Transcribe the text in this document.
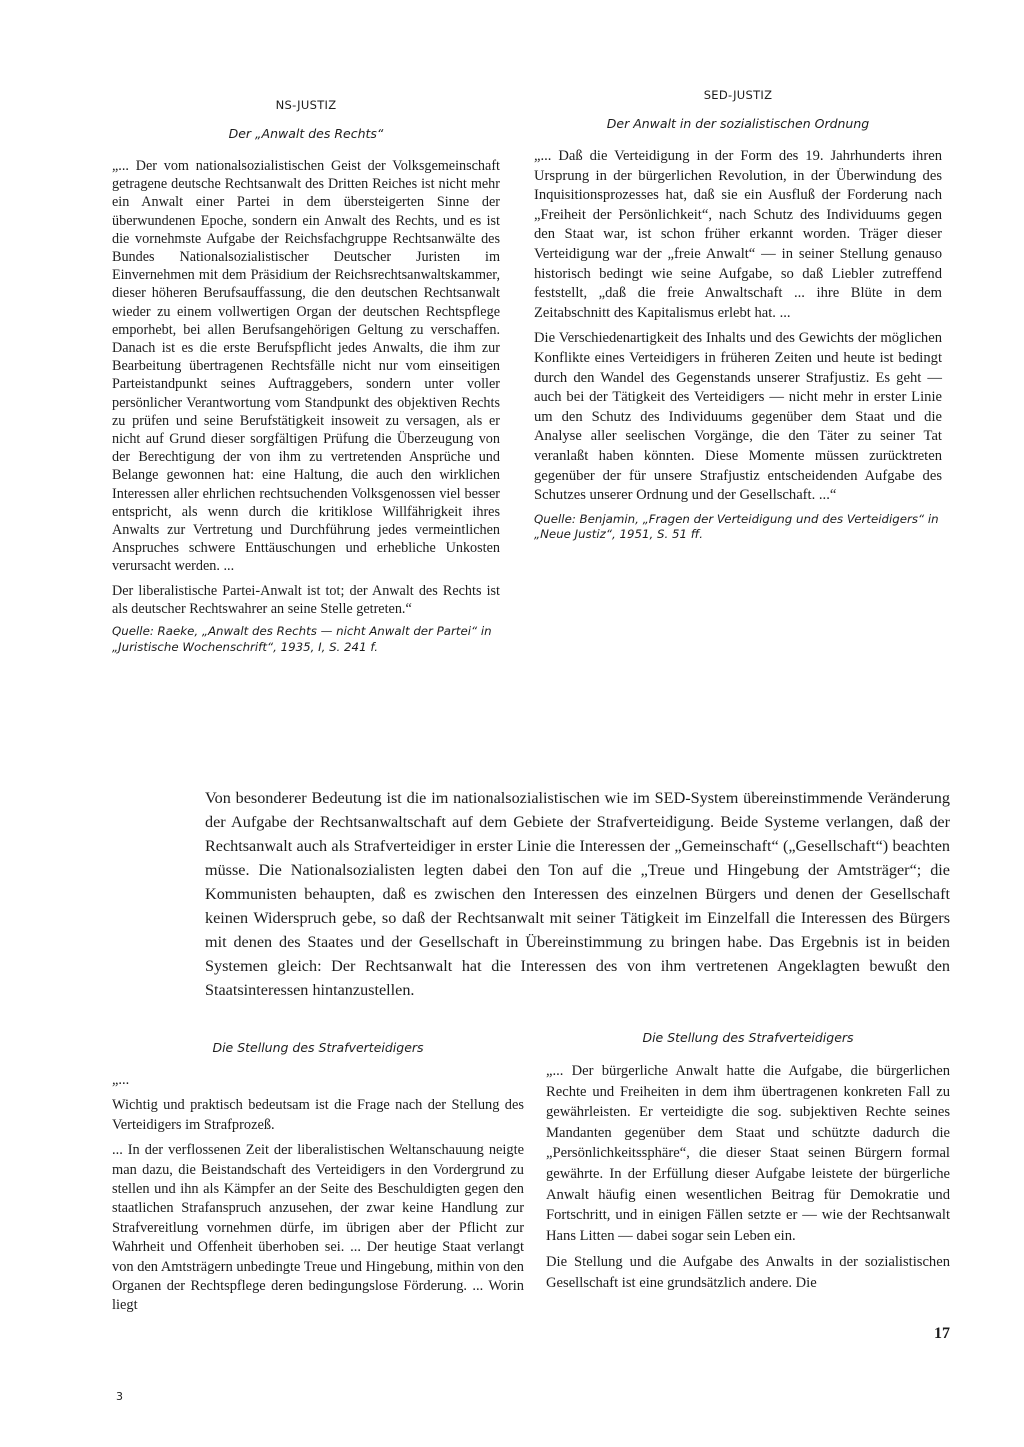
NS-JUSTIZ
Der „Anwalt des Rechts“

„... Der vom nationalsozialistischen Geist der Volksgemeinschaft getragene deutsche Rechtsanwalt des Dritten Reiches ist nicht mehr ein Anwalt einer Partei in dem übersteigerten Sinne der überwundenen Epoche, sondern ein Anwalt des Rechts, und es ist die vornehmste Aufgabe der Reichsfachgruppe Rechtsanwälte des Bundes Nationalsozialistischer Deutscher Juristen im Einvernehmen mit dem Präsidium der Reichsrechtsanwaltskammer, dieser höheren Berufsauffassung, die den deutschen Rechtsanwalt wieder zu einem vollwertigen Organ der deutschen Rechtspflege emporhebt, bei allen Berufsangehörigen Geltung zu verschaffen. Danach ist es die erste Berufspflicht jedes Anwalts, die ihm zur Bearbeitung übertragenen Rechtsfälle nicht nur vom einseitigen Parteistandpunkt seines Auftraggebers, sondern unter voller persönlicher Verantwortung vom Standpunkt des objektiven Rechts zu prüfen und seine Berufstätigkeit insoweit zu versagen, als er nicht auf Grund dieser sorgfältigen Prüfung die Überzeugung von der Berechtigung der von ihm zu vertretenden Ansprüche und Belange gewonnen hat: eine Haltung, die auch den wirklichen Interessen aller ehrlichen rechtsuchenden Volksgenossen viel besser entspricht, als wenn durch die kritiklose Willfährigkeit ihres Anwalts zur Vertretung und Durchführung jedes vermeintlichen Anspruches schwere Enttäuschungen und erhebliche Unkosten verursacht werden. ...

Der liberalistische Partei-Anwalt ist tot; der Anwalt des Rechts ist als deutscher Rechtswahrer an seine Stelle getreten.“

Quelle: Raeke, „Anwalt des Rechts — nicht Anwalt der Partei“ in „Juristische Wochenschrift“, 1935, I, S. 241 f.

SED-JUSTIZ
Der Anwalt in der sozialistischen Ordnung

„... Daß die Verteidigung in der Form des 19. Jahrhunderts ihren Ursprung in der bürgerlichen Revolution, in der Überwindung des Inquisitionsprozesses hat, daß sie ein Ausfluß der Forderung nach „Freiheit der Persönlichkeit“, nach Schutz des Individuums gegen den Staat war, ist schon früher erkannt worden. Träger dieser Verteidigung war der „freie Anwalt“ — in seiner Stellung genauso historisch bedingt wie seine Aufgabe, so daß Liebler zutreffend feststellt, „daß die freie Anwaltschaft ... ihre Blüte in dem Zeitabschnitt des Kapitalismus erlebt hat. ...

Die Verschiedenartigkeit des Inhalts und des Gewichts der möglichen Konflikte eines Verteidigers in früheren Zeiten und heute ist bedingt durch den Wandel des Gegenstands unserer Strafjustiz. Es geht — auch bei der Tätigkeit des Verteidigers — nicht mehr in erster Linie um den Schutz des Individuums gegenüber dem Staat und die Analyse aller seelischen Vorgänge, die den Täter zu seiner Tat veranlaßt haben könnten. Diese Momente müssen zurücktreten gegenüber der für unsere Strafjustiz entscheidenden Aufgabe des Schutzes unserer Ordnung und der Gesellschaft. ...“

Quelle: Benjamin, „Fragen der Verteidigung und des Verteidigers“ in „Neue Justiz“, 1951, S. 51 ff.

Von besonderer Bedeutung ist die im nationalsozialistischen wie im SED-System übereinstimmende Veränderung der Aufgabe der Rechtsanwaltschaft auf dem Gebiete der Strafverteidigung. Beide Systeme verlangen, daß der Rechtsanwalt auch als Strafverteidiger in erster Linie die Interessen der „Gemeinschaft“ („Gesellschaft“) beachten müsse. Die Nationalsozialisten legten dabei den Ton auf die „Treue und Hingebung der Amtsträger“; die Kommunisten behaupten, daß es zwischen den Interessen des einzelnen Bürgers und denen der Gesellschaft keinen Widerspruch gebe, so daß der Rechtsanwalt mit seiner Tätigkeit im Einzelfall die Interessen des Bürgers mit denen des Staates und der Gesellschaft in Übereinstimmung zu bringen habe. Das Ergebnis ist in beiden Systemen gleich: Der Rechtsanwalt hat die Interessen des von ihm vertretenen Angeklagten bewußt den Staatsinteressen hintanzustellen.

Die Stellung des Strafverteidigers

„...

Wichtig und praktisch bedeutsam ist die Frage nach der Stellung des Verteidigers im Strafprozeß.

... In der verflossenen Zeit der liberalistischen Weltanschauung neigte man dazu, die Beistandschaft des Verteidigers in den Vordergrund zu stellen und ihn als Kämpfer an der Seite des Beschuldigten gegen den staatlichen Strafanspruch anzusehen, der zwar keine Handlung zur Strafvereitlung vornehmen dürfe, im übrigen aber der Pflicht zur Wahrheit und Offenheit überhoben sei. ... Der heutige Staat verlangt von den Amtsträgern unbedingte Treue und Hingebung, mithin von den Organen der Rechtspflege deren bedingungslose Förderung. ... Worin liegt

Die Stellung des Strafverteidigers

„... Der bürgerliche Anwalt hatte die Aufgabe, die bürgerlichen Rechte und Freiheiten in dem ihm übertragenen konkreten Fall zu gewährleisten. Er verteidigte die sog. subjektiven Rechte seines Mandanten gegenüber dem Staat und schützte dadurch die „Persönlichkeitssphäre“, die dieser Staat seinen Bürgern formal gewährte. In der Erfüllung dieser Aufgabe leistete der bürgerliche Anwalt häufig einen wesentlichen Beitrag für Demokratie und Fortschritt, und in einigen Fällen setzte er — wie der Rechtsanwalt Hans Litten — dabei sogar sein Leben ein.

Die Stellung und die Aufgabe des Anwalts in der sozialistischen Gesellschaft ist eine grundsätzlich andere. Die

17
3
